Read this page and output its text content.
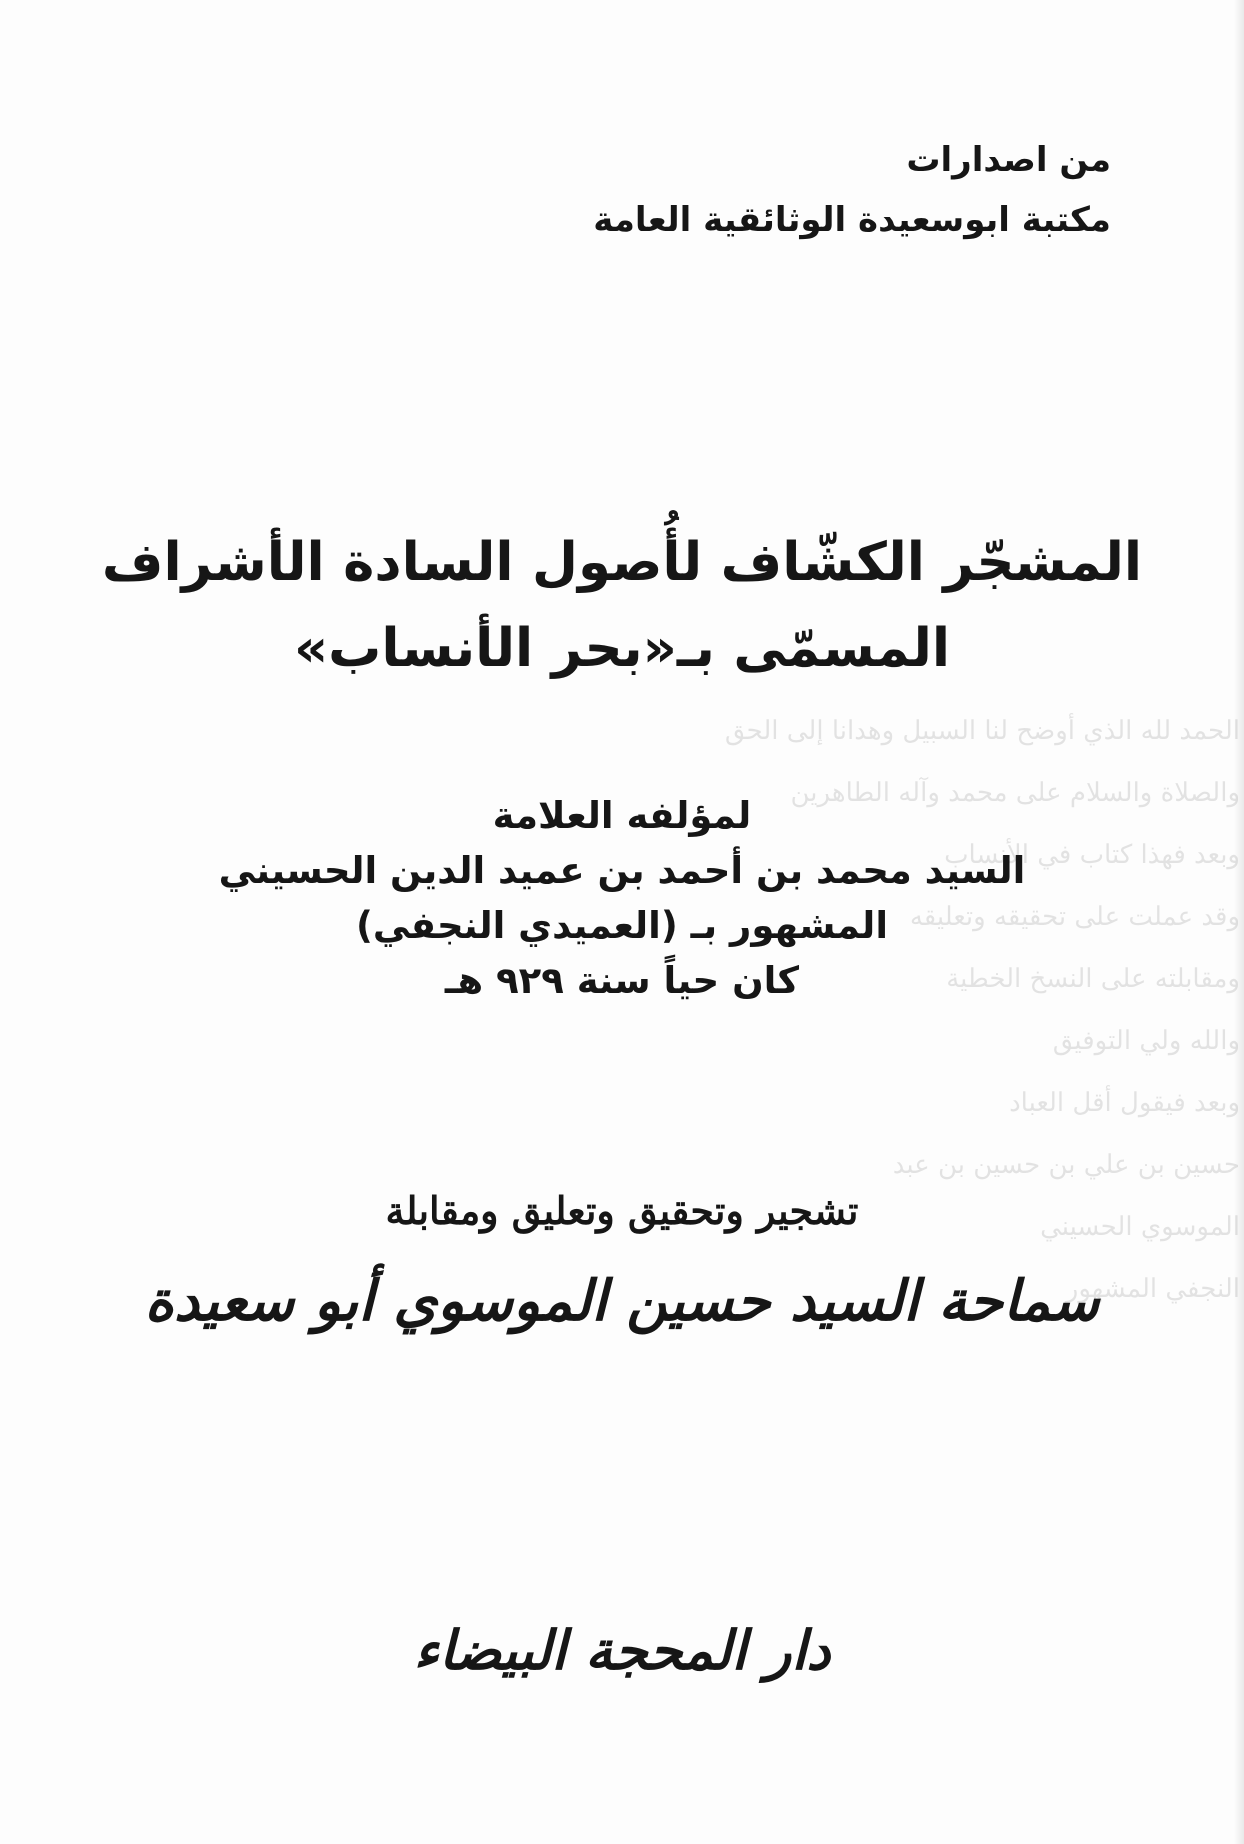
الحمد لله الذي أوضح لنا السبيل وهدانا إلى الحق
والصلاة والسلام على محمد وآله الطاهرين
وبعد فهذا كتاب في الأنساب
وقد عملت على تحقيقه وتعليقه
ومقابلته على النسخ الخطية
والله ولي التوفيق
وبعد فيقول أقل العباد
حسين بن علي بن حسين بن عبد
الموسوي الحسيني
النجفي المشهور
من اصدارات
مكتبة ابوسعيدة الوثائقية العامة
المشجّر الكشّاف لأُصول السادة الأشراف
المسمّى بـ«بحر الأنساب»
لمؤلفه العلامة
السيد محمد بن أحمد بن عميد الدين الحسيني
المشهور بـ (العميدي النجفي)
كان حياً سنة ٩٢٩ هـ
تشجير وتحقيق وتعليق ومقابلة
سماحة السيد حسين الموسوي أبو سعيدة
دار المحجة البيضاء
